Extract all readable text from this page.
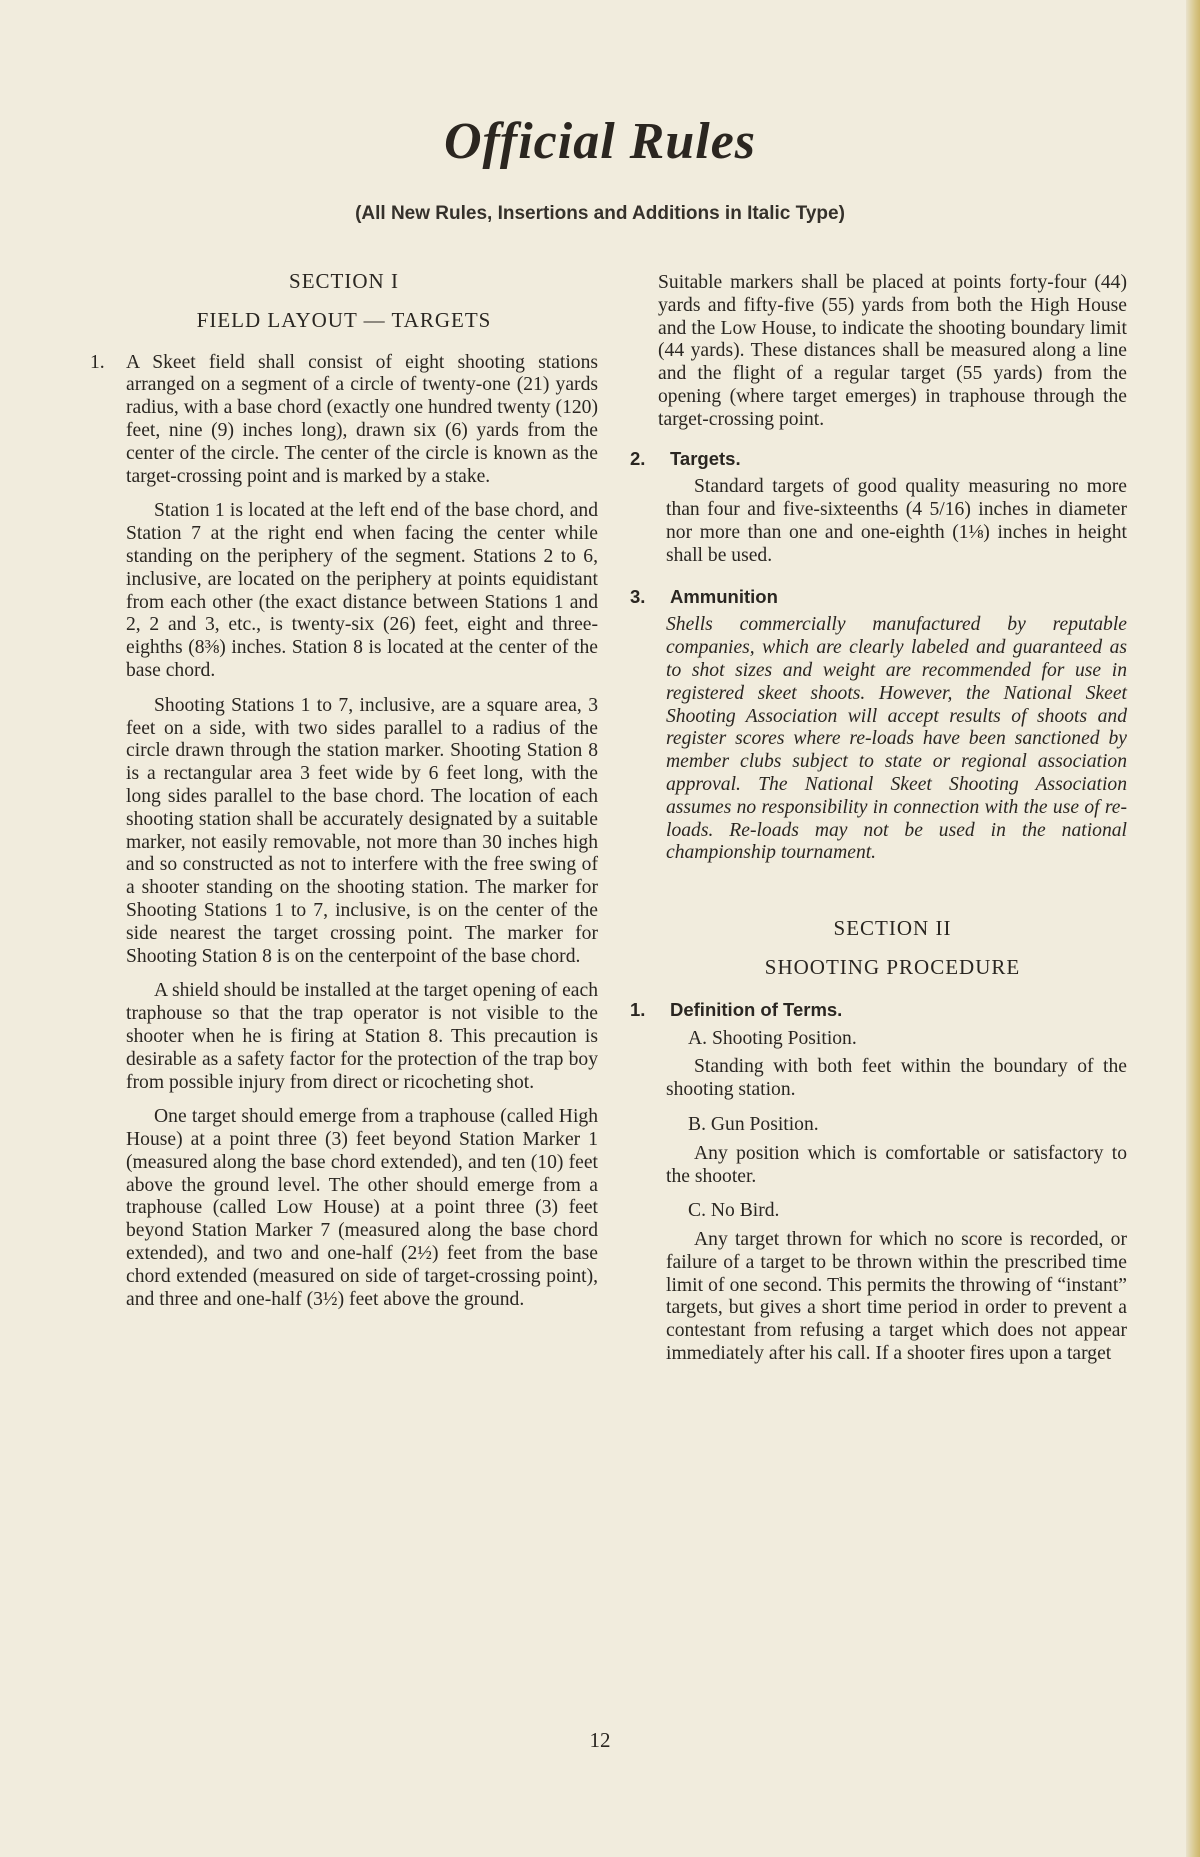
Official Rules
(All New Rules, Insertions and Additions in Italic Type)
SECTION I
FIELD LAYOUT — TARGETS
1. A Skeet field shall consist of eight shooting stations arranged on a segment of a circle of twenty-one (21) yards radius, with a base chord (exactly one hundred twenty (120) feet, nine (9) inches long), drawn six (6) yards from the center of the circle. The center of the circle is known as the target-crossing point and is marked by a stake.

Station 1 is located at the left end of the base chord, and Station 7 at the right end when facing the center while standing on the periphery of the segment. Stations 2 to 6, inclusive, are located on the periphery at points equidistant from each other (the exact distance between Stations 1 and 2, 2 and 3, etc., is twenty-six (26) feet, eight and three-eighths (8⅜) inches. Station 8 is located at the center of the base chord.

Shooting Stations 1 to 7, inclusive, are a square area, 3 feet on a side, with two sides parallel to a radius of the circle drawn through the station marker. Shooting Station 8 is a rectangular area 3 feet wide by 6 feet long, with the long sides parallel to the base chord. The location of each shooting station shall be accurately designated by a suitable marker, not easily removable, not more than 30 inches high and so constructed as not to interfere with the free swing of a shooter standing on the shooting station. The marker for Shooting Stations 1 to 7, inclusive, is on the center of the side nearest the target crossing point. The marker for Shooting Station 8 is on the centerpoint of the base chord.

A shield should be installed at the target opening of each traphouse so that the trap operator is not visible to the shooter when he is firing at Station 8. This precaution is desirable as a safety factor for the protection of the trap boy from possible injury from direct or ricocheting shot.

One target should emerge from a traphouse (called High House) at a point three (3) feet beyond Station Marker 1 (measured along the base chord extended), and ten (10) feet above the ground level. The other should emerge from a traphouse (called Low House) at a point three (3) feet beyond Station Marker 7 (measured along the base chord extended), and two and one-half (2½) feet from the base chord extended (measured on side of target-crossing point), and three and one-half (3½) feet above the ground.

Suitable markers shall be placed at points forty-four (44) yards and fifty-five (55) yards from both the High House and the Low House, to indicate the shooting boundary limit (44 yards). These distances shall be measured along a line and the flight of a regular target (55 yards) from the opening (where target emerges) in traphouse through the target-crossing point.

2. Targets.

Standard targets of good quality measuring no more than four and five-sixteenths (4 5/16) inches in diameter nor more than one and one-eighth (1⅛) inches in height shall be used.

3. Ammunition

Shells commercially manufactured by reputable companies, which are clearly labeled and guaranteed as to shot sizes and weight are recommended for use in registered skeet shoots. However, the National Skeet Shooting Association will accept results of shoots and register scores where re-loads have been sanctioned by member clubs subject to state or regional association approval. The National Skeet Shooting Association assumes no responsibility in connection with the use of re-loads. Re-loads may not be used in the national championship tournament.

SECTION II
SHOOTING PROCEDURE
1. Definition of Terms.

A. Shooting Position.

Standing with both feet within the boundary of the shooting station.

B. Gun Position.

Any position which is comfortable or satisfactory to the shooter.

C. No Bird.

Any target thrown for which no score is recorded, or failure of a target to be thrown within the prescribed time limit of one second. This permits the throwing of “instant” targets, but gives a short time period in order to prevent a contestant from refusing a target which does not appear immediately after his call. If a shooter fires upon a target

12
